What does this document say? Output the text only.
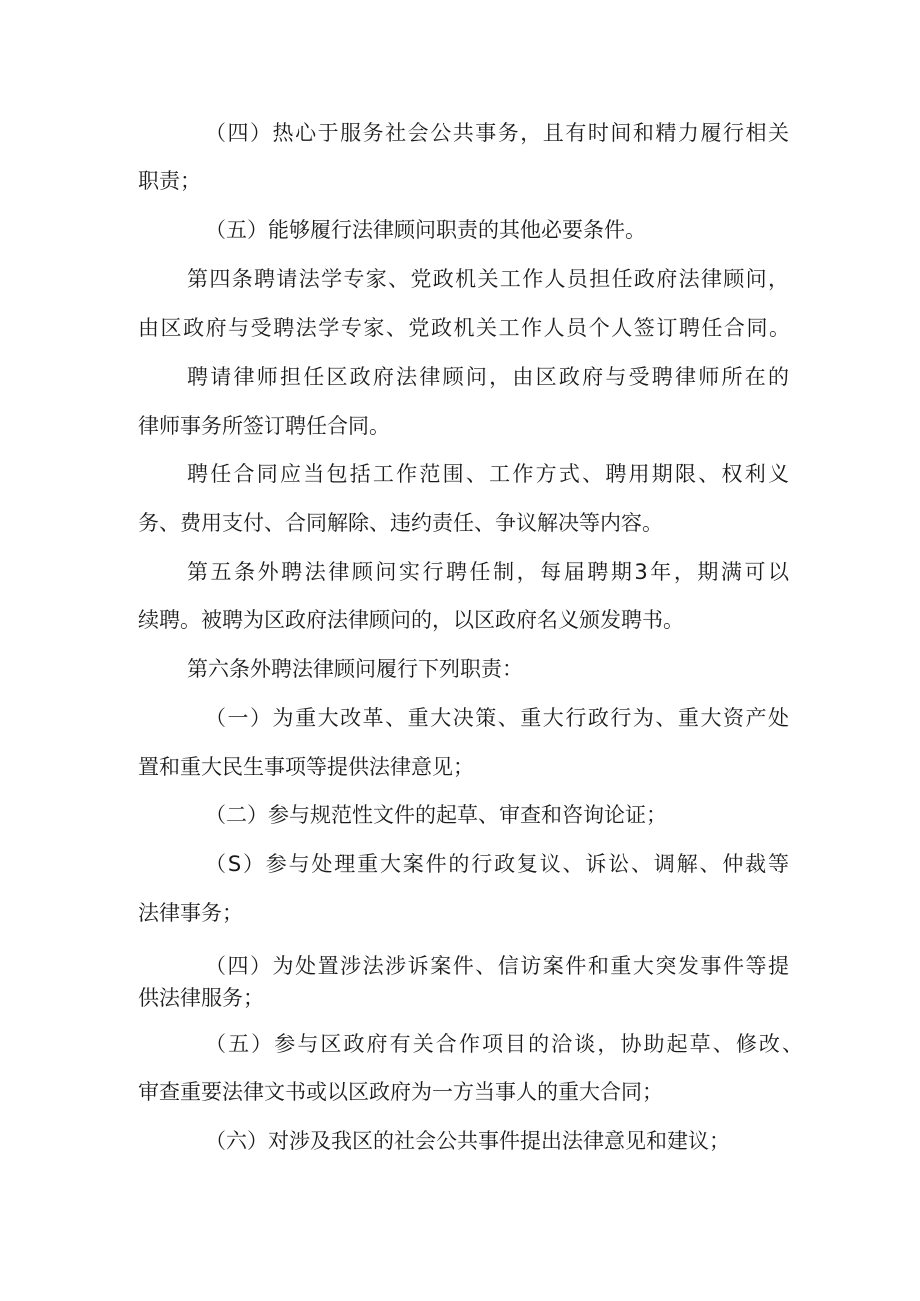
（四）热心于服务社会公共事务，且有时间和精力履行相关
职责；
（五）能够履行法律顾问职责的其他必要条件。
第四条聘请法学专家、党政机关工作人员担任政府法律顾问，
由区政府与受聘法学专家、党政机关工作人员个人签订聘任合同。
聘请律师担任区政府法律顾问，由区政府与受聘律师所在的
律师事务所签订聘任合同。
聘任合同应当包括工作范围、工作方式、聘用期限、权利义
务、费用支付、合同解除、违约责任、争议解决等内容。
第五条外聘法律顾问实行聘任制，每届聘期3年，期满可以
续聘。被聘为区政府法律顾问的，以区政府名义颁发聘书。
第六条外聘法律顾问履行下列职责：
（一）为重大改革、重大决策、重大行政行为、重大资产处
置和重大民生事项等提供法律意见；
（二）参与规范性文件的起草、审查和咨询论证；
（S）参与处理重大案件的行政复议、诉讼、调解、仲裁等
法律事务；
（四）为处置涉法涉诉案件、信访案件和重大突发事件等提
供法律服务；
（五）参与区政府有关合作项目的洽谈，协助起草、修改、
审查重要法律文书或以区政府为一方当事人的重大合同；
（六）对涉及我区的社会公共事件提出法律意见和建议；
